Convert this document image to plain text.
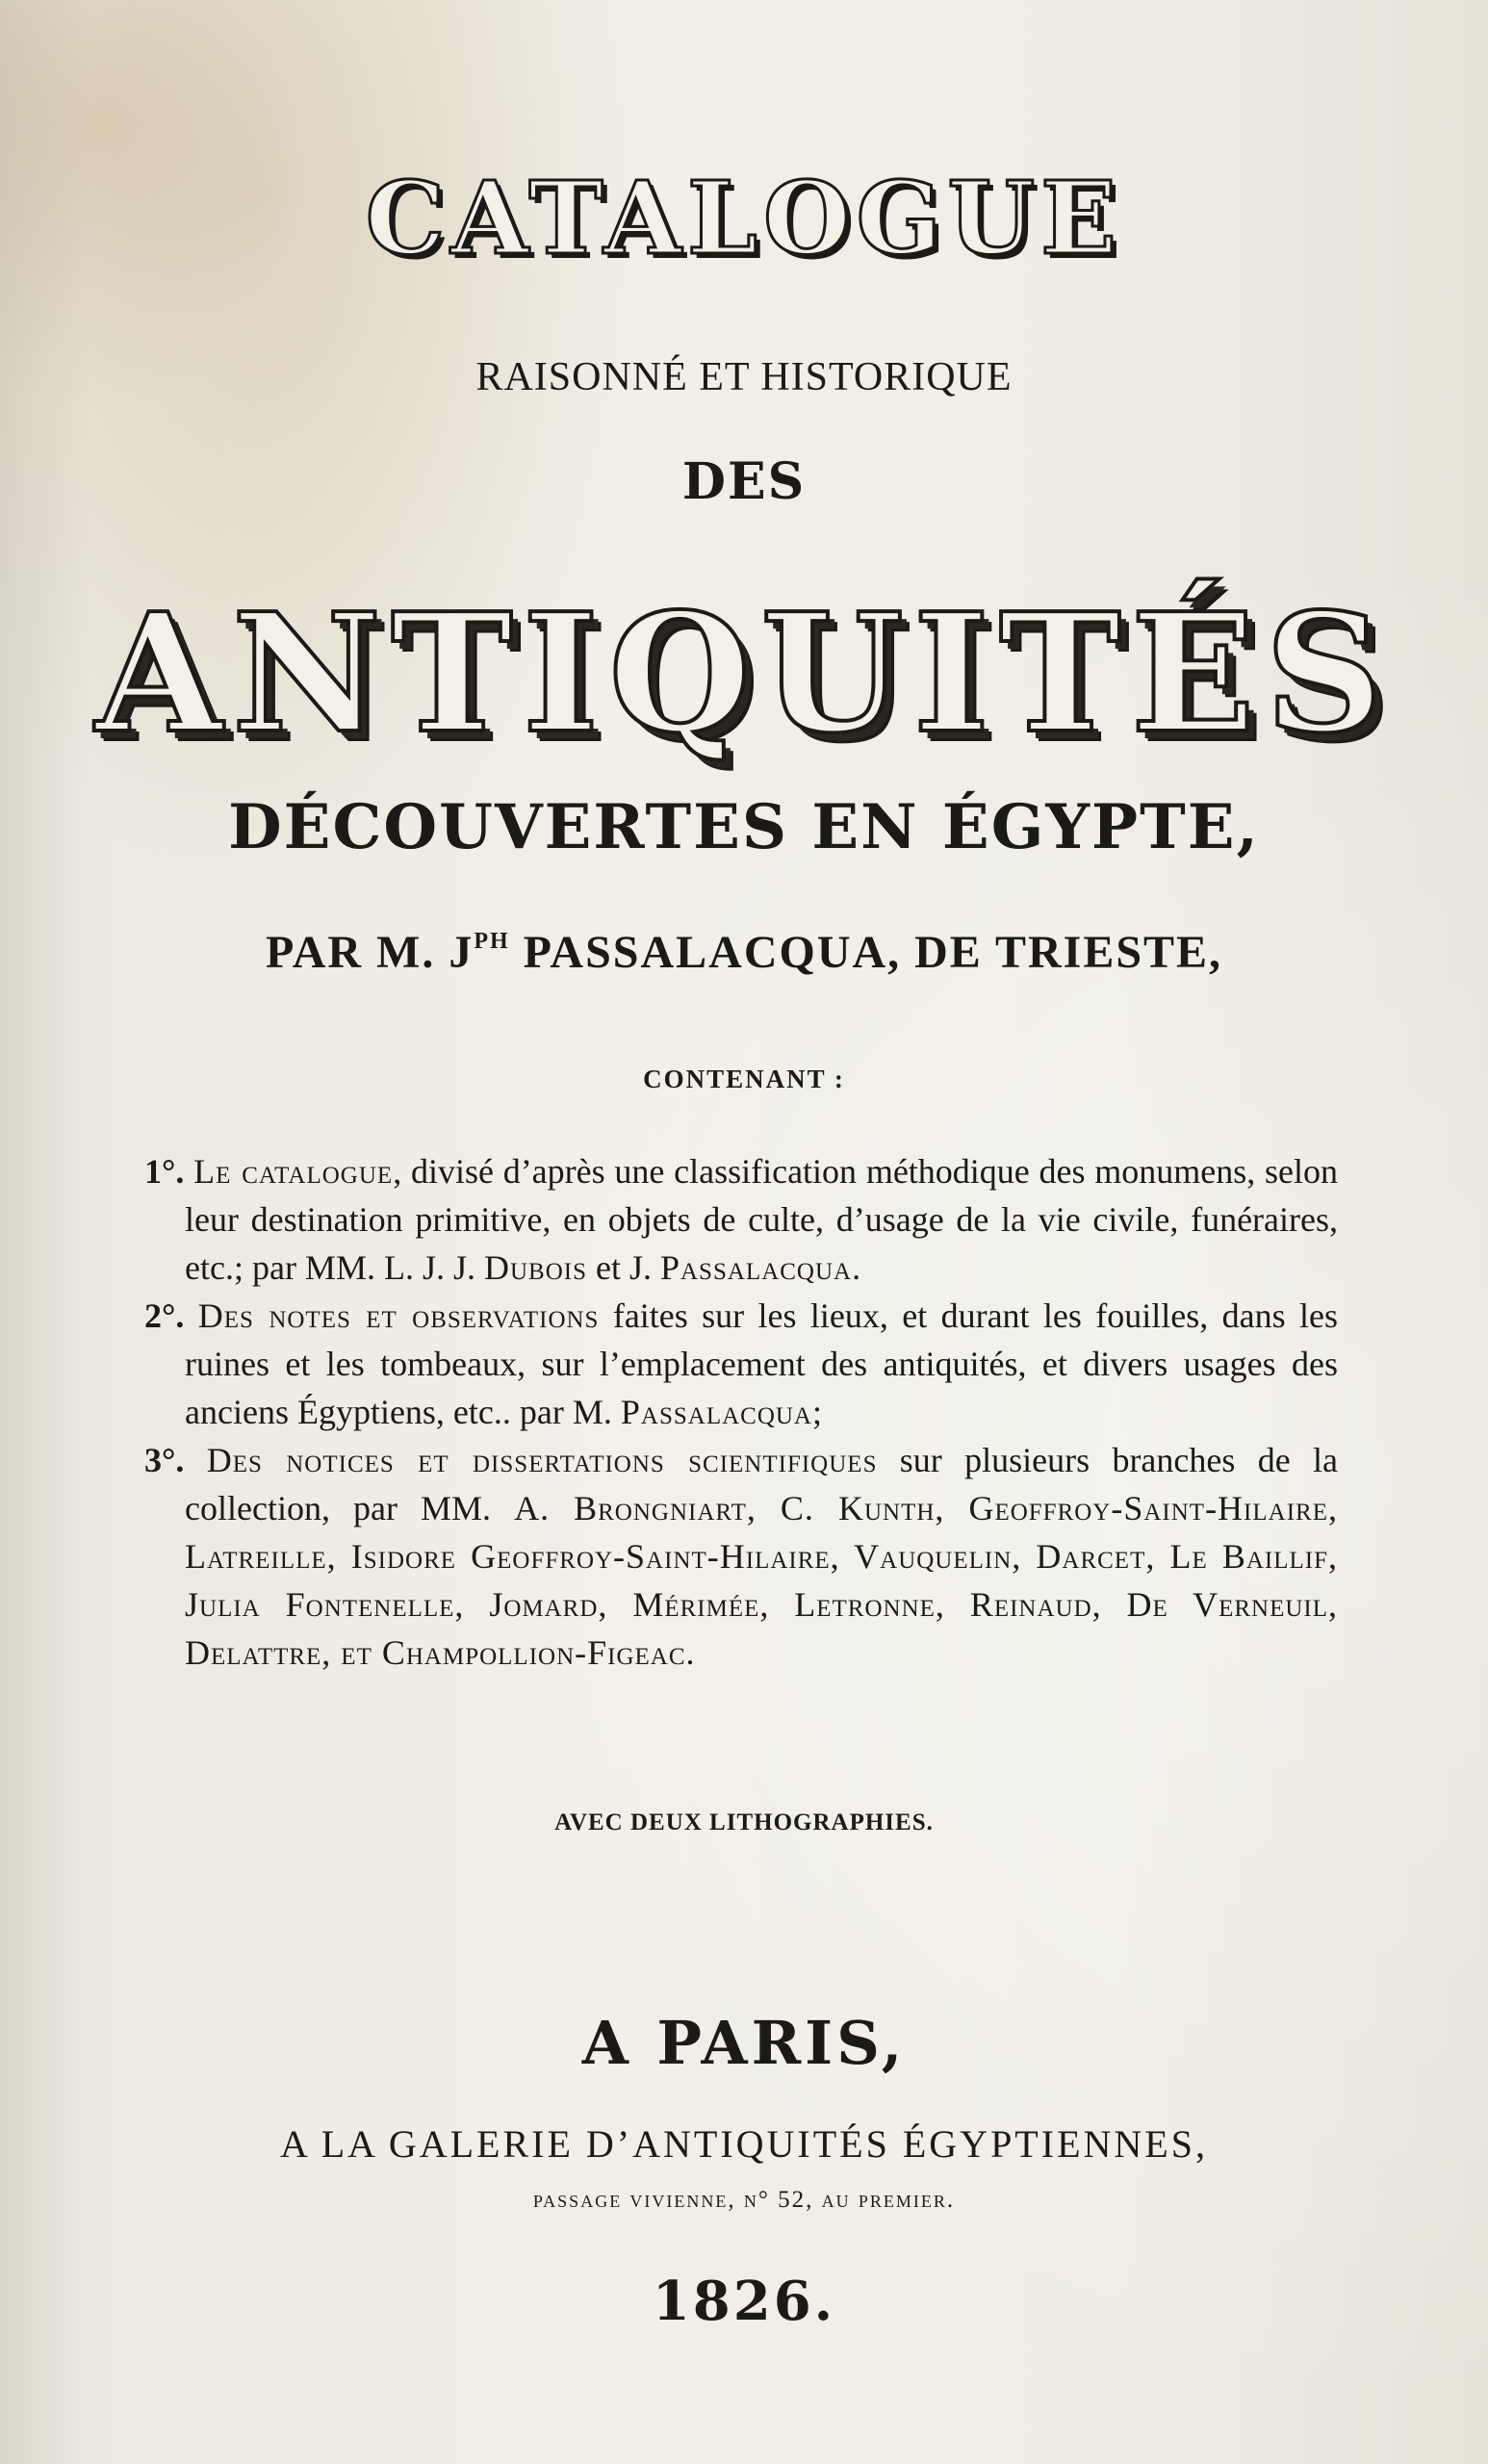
CATALOGUE
RAISONNÉ ET HISTORIQUE
DES
ANTIQUITÉS
DÉCOUVERTES EN ÉGYPTE,
PAR M. $J^{PH}$ PASSALACQUA, DE TRIESTE,
CONTENANT :

1°. Le catalogue, divisé d’après une classification méthodique des monumens, selon leur destination primitive, en objets de culte, d’usage de la vie civile, funéraires, etc.; par MM. L. J. J. Dubois et J. Passalacqua.

2°. Des notes et observations faites sur les lieux, et durant les fouilles, dans les ruines et les tombeaux, sur l’emplacement des antiquités, et divers usages des anciens Égyptiens, etc.. par M. Passalacqua;

3°. Des notices et dissertations scientifiques sur plusieurs branches de la collection, par MM. A. Brongniart, C. Kunth, Geoffroy-Saint-Hilaire, Latreille, Isidore Geoffroy-Saint-Hilaire, Vauquelin, Darcet, Le Baillif, Julia Fontenelle, Jomard, Mérimée, Letronne, Reinaud, De Verneuil, Delattre, et Champollion-Figeac.

AVEC DEUX LITHOGRAPHIES.
A PARIS,
A LA GALERIE D’ANTIQUITÉS ÉGYPTIENNES,
passage vivienne, n° 52, au premier.
1826.
